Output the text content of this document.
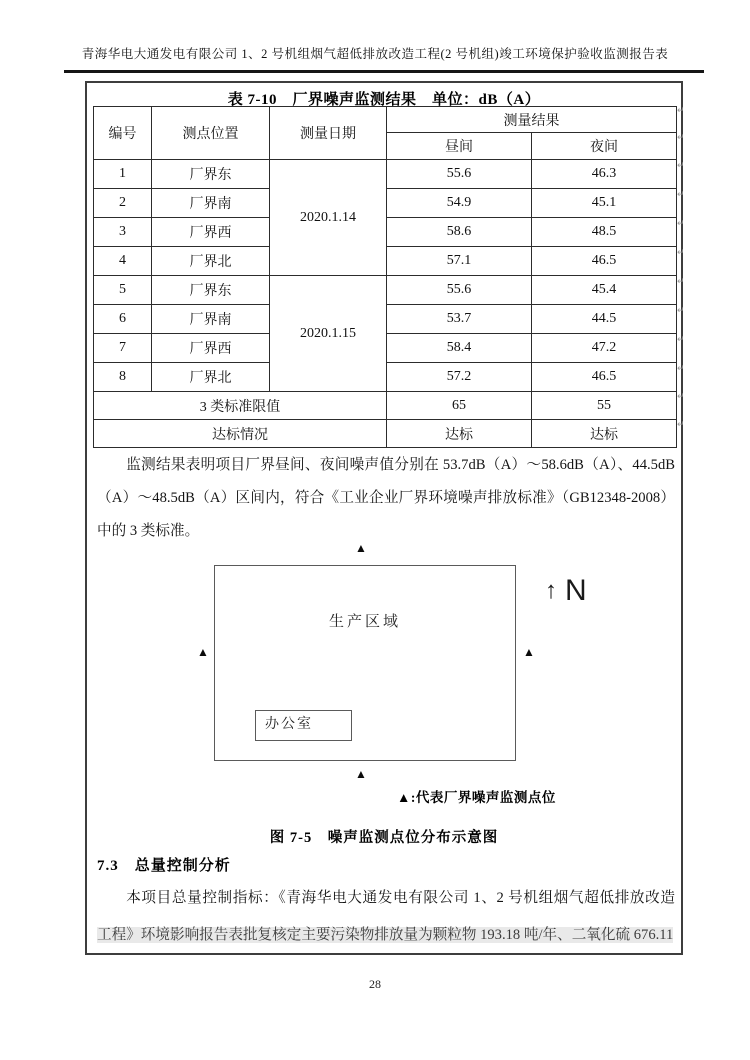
青海华电大通发电有限公司 1、2 号机组烟气超低排放改造工程(2 号机组)竣工环境保护验收监测报告表
表 7-10　厂界噪声监测结果　单位：dB（A）
编号	测点位置	测量日期	测量结果	
			昼间	夜间
1	厂界东	2020.1.14	55.6	46.3
2	厂界南		54.9	45.1
3	厂界西		58.6	48.5
4	厂界北		57.1	46.5
5	厂界东	2020.1.15	55.6	45.4
6	厂界南		53.7	44.5
7	厂界西		58.4	47.2
8	厂界北		57.2	46.5
3 类标准限值			65	55
达标情况			达标	达标
监测结果表明项目厂界昼间、夜间噪声值分别在 53.7dB（A）～58.6dB（A）、44.5dB（A）～48.5dB（A）区间内，符合《工业企业厂界环境噪声排放标准》（GB12348-2008）中的 3 类标准。
生产区域
办公室
▲
▲
▲	▲
↑ N
▲:代表厂界噪声监测点位
图 7-5　噪声监测点位分布示意图
7.3　总量控制分析
本项目总量控制指标：《青海华电大通发电有限公司 1、2 号机组烟气超低排放改造
工程》环境影响报告表批复核定主要污染物排放量为颗粒物 193.18 吨/年、二氧化硫 676.11
↵
↵
↵
↵
↵
↵
↵
↵
↵
↵
↵
↵
28
